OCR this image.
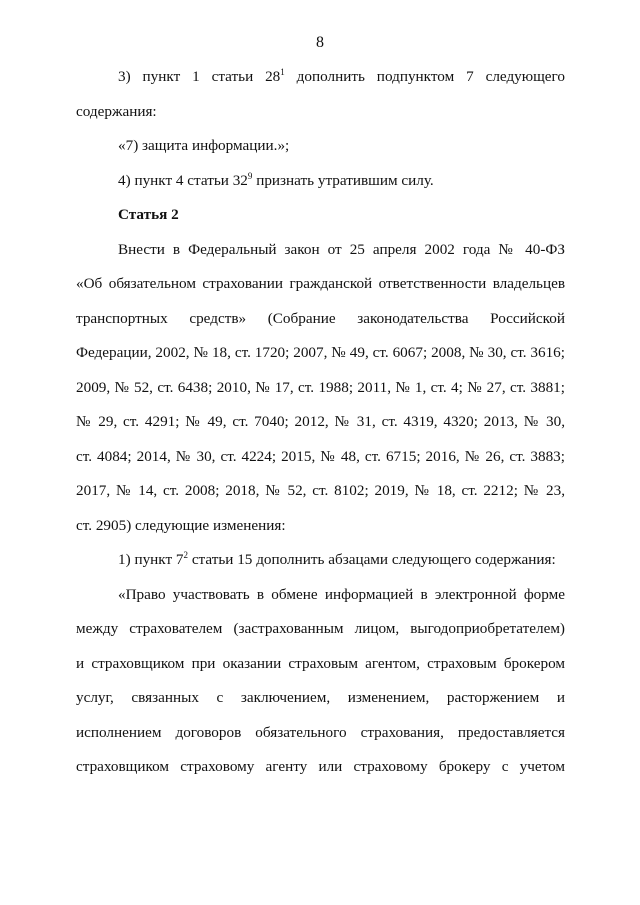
8
3) пункт 1 статьи $28^1$ дополнить подпунктом 7 следующего
содержания:
«7) защита информации.»;
4) пункт 4 статьи $32^9$ признать утратившим силу.
Статья 2
Внести в Федеральный закон от 25 апреля 2002 года № 40-ФЗ
«Об обязательном страховании гражданской ответственности владельцев
транспортных средств» (Собрание законодательства Российской
Федерации, 2002, № 18, ст. 1720; 2007, № 49, ст. 6067; 2008, № 30, ст. 3616;
2009, № 52, ст. 6438; 2010, № 17, ст. 1988; 2011, № 1, ст. 4; № 27, ст. 3881;
№ 29, ст. 4291; № 49, ст. 7040; 2012, № 31, ст. 4319, 4320; 2013, № 30,
ст. 4084; 2014, № 30, ст. 4224; 2015, № 48, ст. 6715; 2016, № 26, ст. 3883;
2017, № 14, ст. 2008; 2018, № 52, ст. 8102; 2019, № 18, ст. 2212; № 23,
ст. 2905) следующие изменения:
1) пункт $7^2$ статьи 15 дополнить абзацами следующего содержания:
«Право участвовать в обмене информацией в электронной форме
между страхователем (застрахованным лицом, выгодоприобретателем)
и страховщиком при оказании страховым агентом, страховым брокером
услуг, связанных с заключением, изменением, расторжением и
исполнением договоров обязательного страхования, предоставляется
страховщиком страховому агенту или страховому брокеру с учетом
